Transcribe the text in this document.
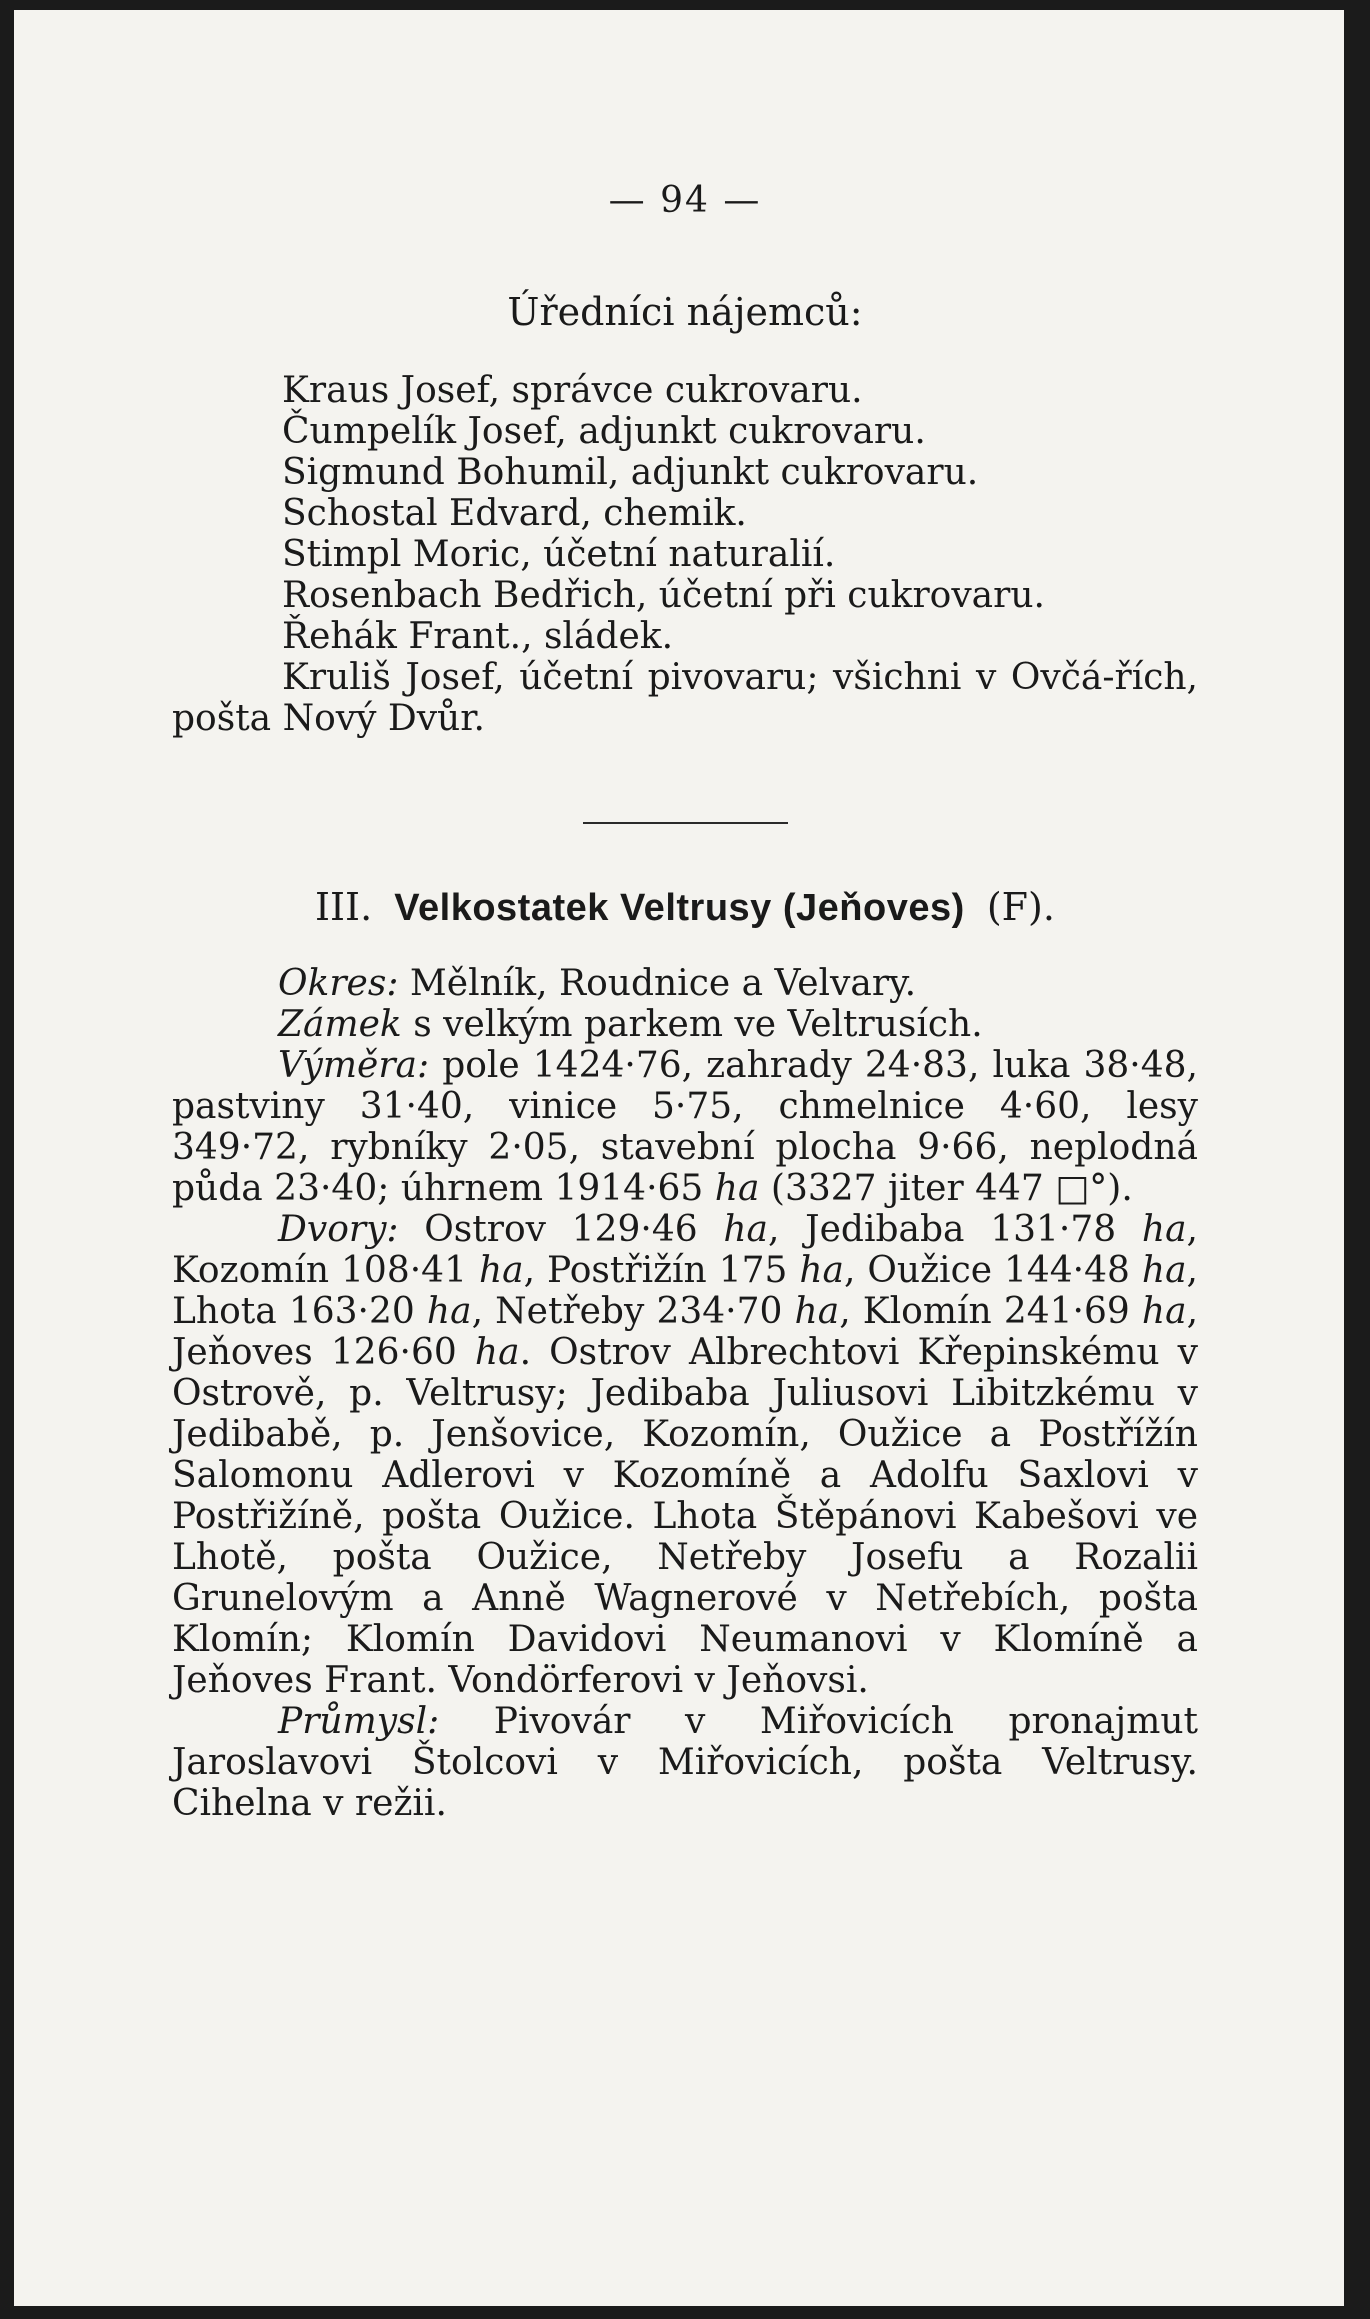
— 94 —
Úředníci nájemců:
Kraus Josef, správce cukrovaru.
Čumpelík Josef, adjunkt cukrovaru.
Sigmund Bohumil, adjunkt cukrovaru.
Schostal Edvard, chemik.
Stimpl Moric, účetní naturalií.
Rosenbach Bedřich, účetní při cukrovaru.
Řehák Frant., sládek.
Kruliš Josef, účetní pivovaru; všichni v Ovčá-řích, pošta Nový Dvůr.
III. Velkostatek Veltrusy (Jeňoves) (F).

Okres: Mělník, Roudnice a Velvary.

Zámek s velkým parkem ve Veltrusích.

Výměra: pole 1424·76, zahrady 24·83, luka 38·48, pastviny 31·40, vinice 5·75, chmelnice 4·60, lesy 349·72, rybníky 2·05, stavební plocha 9·66, neplodná půda 23·40; úhrnem 1914·65 ha (3327 jiter 447 □°).

Dvory: Ostrov 129·46 ha, Jedibaba 131·78 ha, Kozomín 108·41 ha, Postřižín 175 ha, Oužice 144·48 ha, Lhota 163·20 ha, Netřeby 234·70 ha, Klomín 241·69 ha, Jeňoves 126·60 ha. Ostrov Albrechtovi Křepinskému v Ostrově, p. Veltrusy; Jedibaba Juliusovi Libitzkému v Jedibabě, p. Jenšovice, Kozomín, Oužice a Postřížín Salomonu Adlerovi v Kozomíně a Adolfu Saxlovi v Postřižíně, pošta Oužice. Lhota Štěpánovi Kabešovi ve Lhotě, pošta Oužice, Netřeby Josefu a Rozalii Grunelovým a Anně Wagnerové v Netřebích, pošta Klomín; Klomín Davidovi Neumanovi v Klomíně a Jeňoves Frant. Vondörferovi v Jeňovsi.

Průmysl: Pivovár v Miřovicích pronajmut Jaroslavovi Štolcovi v Miřovicích, pošta Veltrusy. Cihelna v režii.
